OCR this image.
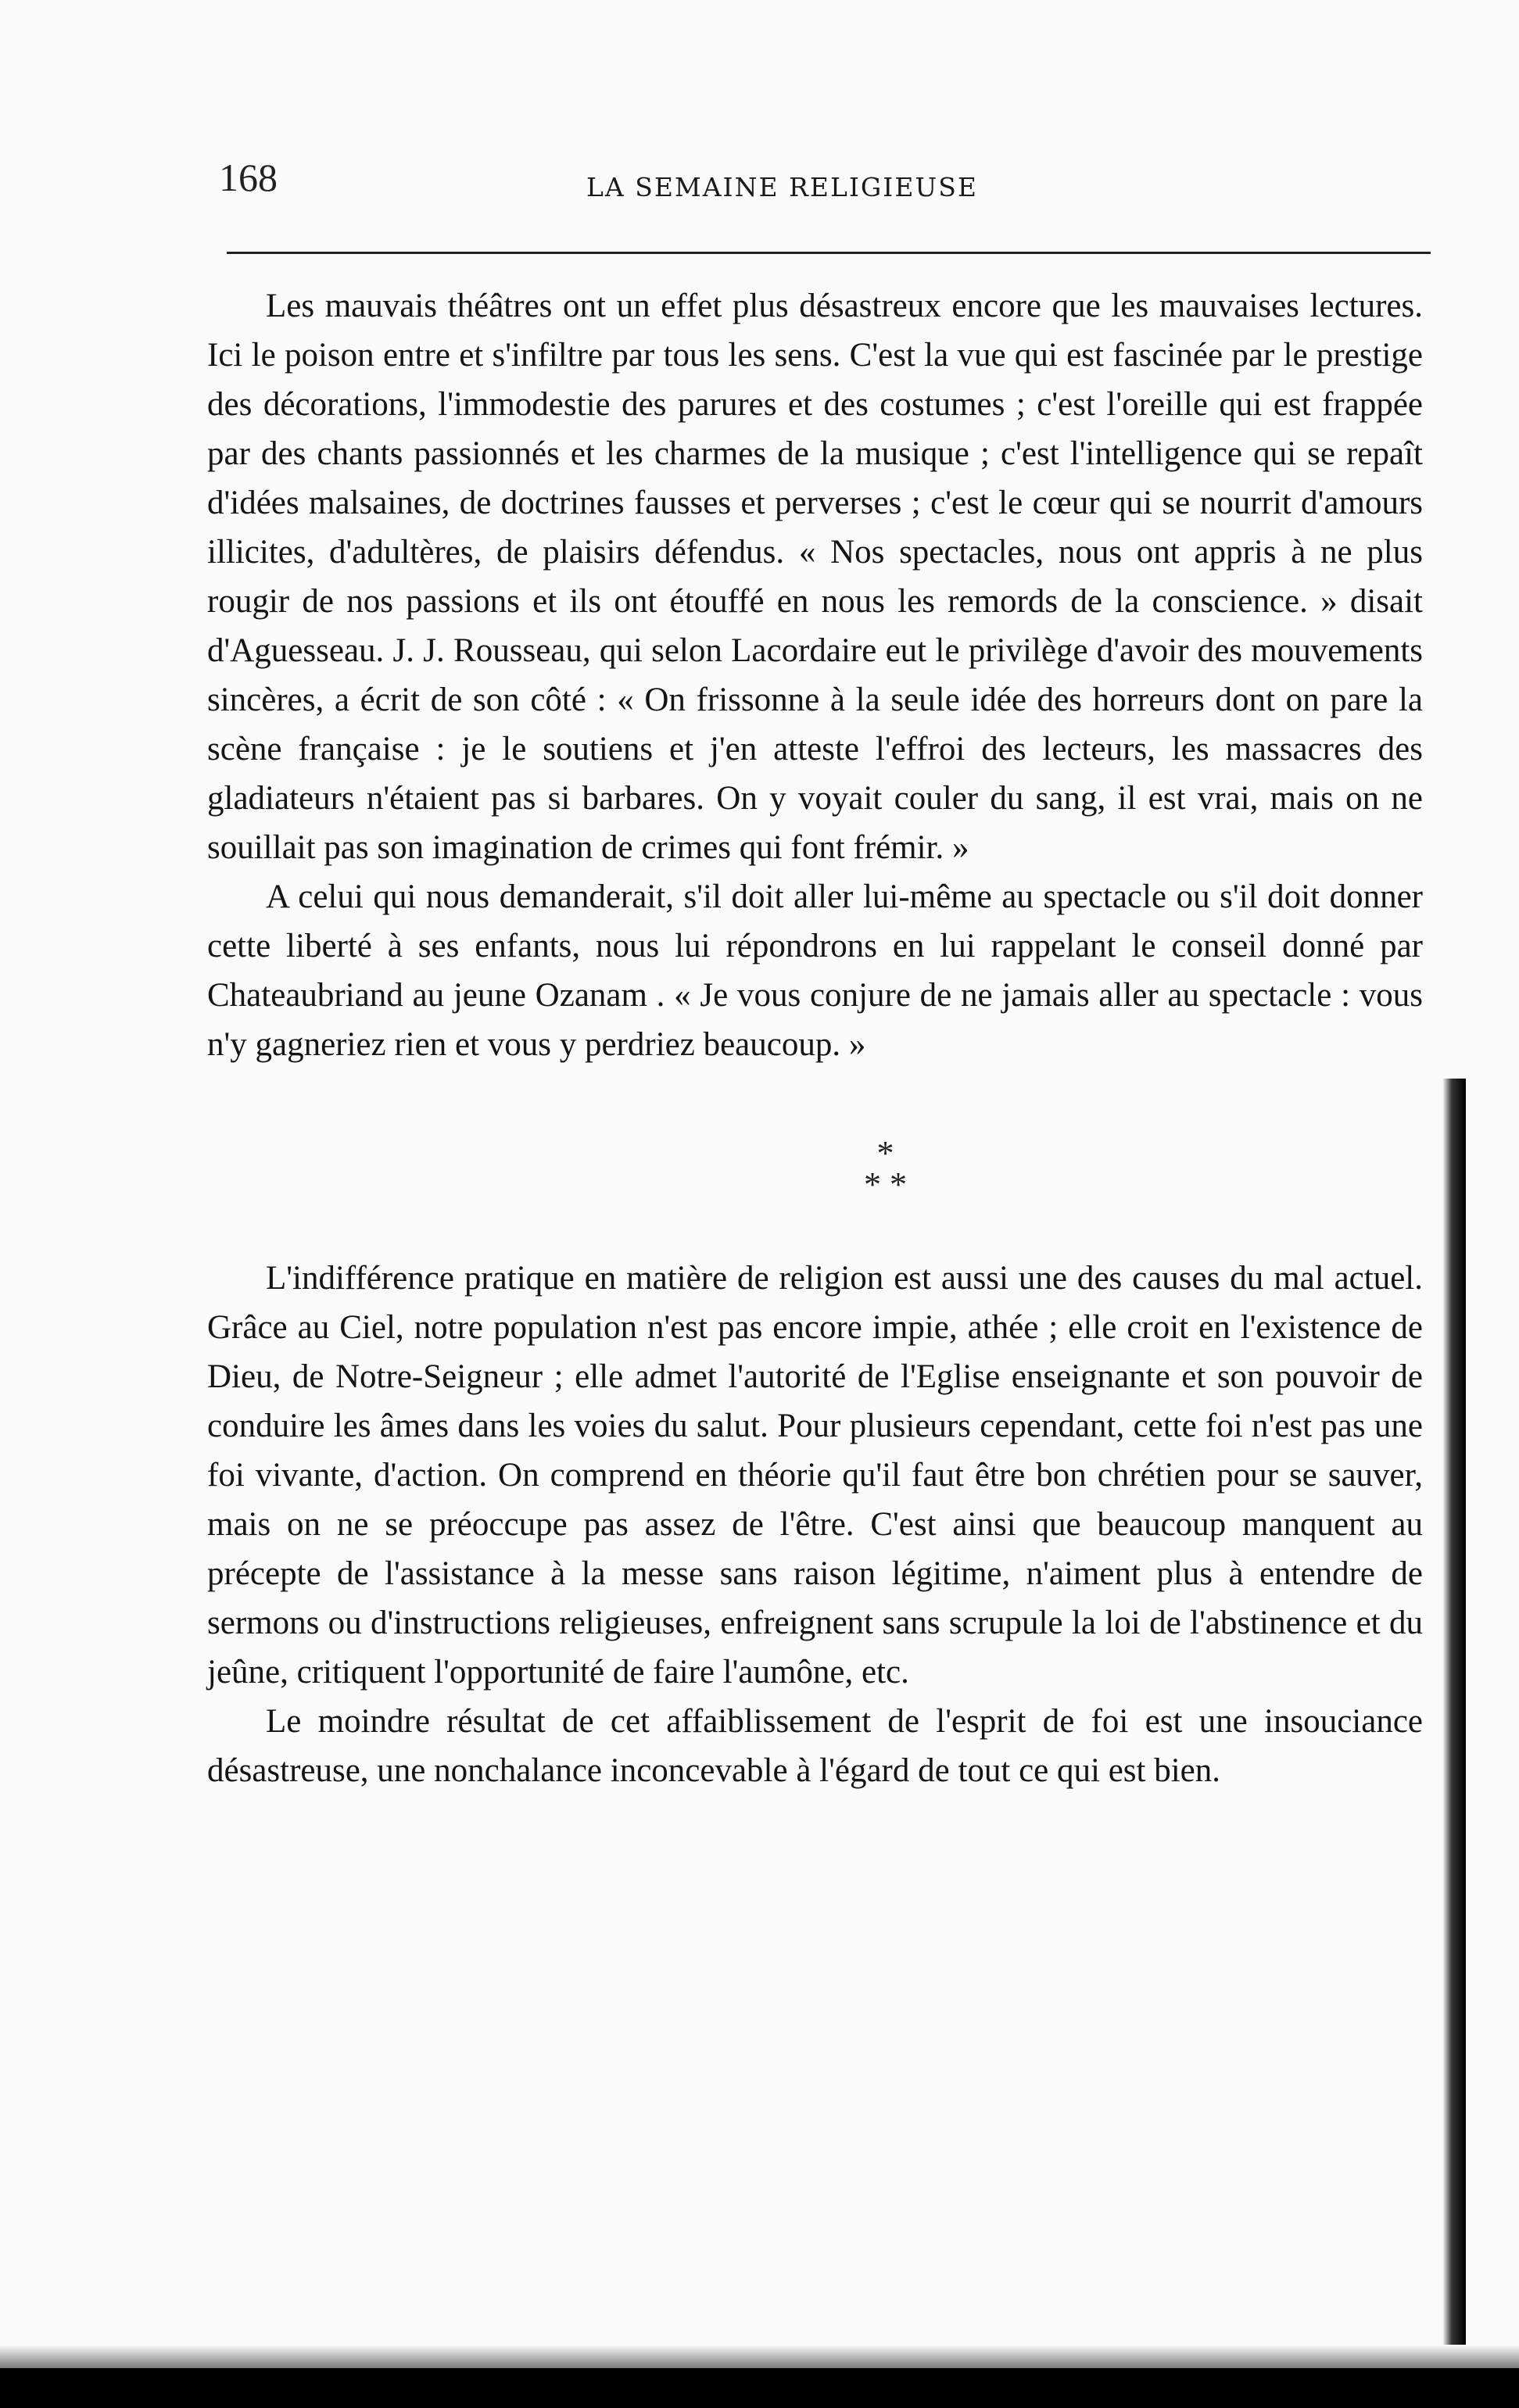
168	LA SEMAINE RELIGIEUSE

Les mauvais théâtres ont un effet plus désastreux encore que les mauvaises lectures. Ici le poison entre et s'infiltre par tous les sens. C'est la vue qui est fascinée par le prestige des décorations, l'immodestie des parures et des costumes ; c'est l'oreille qui est frappée par des chants passionnés et les charmes de la musique ; c'est l'intelligence qui se repaît d'idées malsaines, de doctrines fausses et perverses ; c'est le cœur qui se nourrit d'amours illicites, d'adultères, de plaisirs défendus. « Nos spectacles, nous ont appris à ne plus rougir de nos passions et ils ont étouffé en nous les remords de la conscience. » disait d'Aguesseau. J. J. Rousseau, qui selon Lacordaire eut le privilège d'avoir des mouvements sincères, a écrit de son côté : « On frissonne à la seule idée des horreurs dont on pare la scène française : je le soutiens et j'en atteste l'effroi des lecteurs, les massacres des gladiateurs n'étaient pas si barbares. On y voyait couler du sang, il est vrai, mais on ne souillait pas son imagination de crimes qui font frémir. »

A celui qui nous demanderait, s'il doit aller lui-même au spectacle ou s'il doit donner cette liberté à ses enfants, nous lui répondrons en lui rappelant le conseil donné par Chateaubriand au jeune Ozanam . « Je vous conjure de ne jamais aller au spectacle : vous n'y gagneriez rien et vous y perdriez beaucoup. »

*
* *

L'indifférence pratique en matière de religion est aussi une des causes du mal actuel. Grâce au Ciel, notre population n'est pas encore impie, athée ; elle croit en l'existence de Dieu, de Notre-Seigneur ; elle admet l'autorité de l'Eglise enseignante et son pouvoir de conduire les âmes dans les voies du salut. Pour plusieurs cependant, cette foi n'est pas une foi vivante, d'action. On comprend en théorie qu'il faut être bon chrétien pour se sauver, mais on ne se préoccupe pas assez de l'être. C'est ainsi que beaucoup manquent au précepte de l'assistance à la messe sans raison légitime, n'aiment plus à entendre de sermons ou d'instructions religieuses, enfreignent sans scrupule la loi de l'abstinence et du jeûne, critiquent l'opportunité de faire l'aumône, etc.

Le moindre résultat de cet affaiblissement de l'esprit de foi est une insouciance désastreuse, une nonchalance inconcevable à l'égard de tout ce qui est bien.
